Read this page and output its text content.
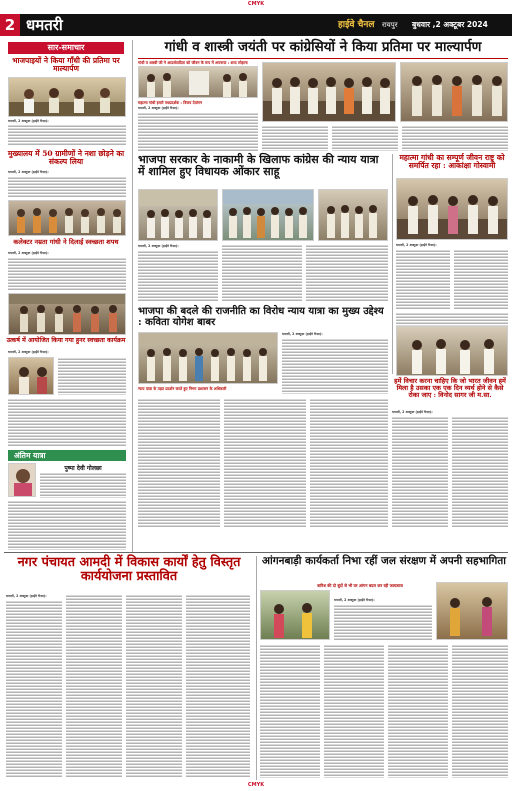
CMYK
2 धमतरी	हाईवे चैनल रायपुर बुधवार ,2 अक्टूबर 2024
सार-समाचार
भाजपाइयों ने किया गाँधी की प्रतिमा पर माल्यार्पण
धमतरी, 2 अक्टूबर (हाईवे चैनल)।
मुख्यालय में 50 ग्रामीणों ने नशा छोड़ने का संकल्प लिया
धमतरी, 2 अक्टूबर (हाईवे चैनल)।
कलेक्टर नम्रता गांधी ने दिलाई स्वच्छता शपथ
धमतरी, 2 अक्टूबर (हाईवे चैनल)।
उत्कर्ष में आयोजित किया गया हुनर स्वच्छता कार्यक्रम
धमतरी, 2 अक्टूबर (हाईवे चैनल)।
अंतिम यात्रा
पुष्पा देवी गोलछा
गांधी व शास्त्री जयंती पर कांग्रेसियों ने किया प्रतिमा पर माल्यार्पण
गांधी व शास्त्री जी ने आदर्शवादिता को जीवन के रूप में अपनाया : शरद लोहाना
महात्मा गांधी हमारे पथप्रदर्शक : विजय देवांगन
धमतरी, 2 अक्टूबर (हाईवे चैनल)।
भाजपा सरकार के नाकामी के खिलाफ कांग्रेस की न्याय यात्रा में शामिल हुए विधायक ओंकार साहू
धमतरी, 2 अक्टूबर (हाईवे चैनल)।
महात्मा गांधी का सम्पूर्ण जीवन राष्ट्र को समर्पित रहा : आकांक्षा गोस्वामी
धमतरी, 2 अक्टूबर (हाईवे चैनल)।
भाजपा की बदले की राजनीति का विरोध न्याय यात्रा का मुख्य उद्देश्य : कविता योगेश बाबर
न्याय यात्रा के तहत प्रदर्शन करते हुए निगम प्रशासन के अधिकारी
धमतरी, 2 अक्टूबर (हाईवे चैनल)।
हमें विचार करना चाहिए कि जो भारत जीवन हमें मिला है उसका एक एक दिन व्यर्थ होने से कैसे रोका जाए : विनोद सागर जी म.सा.
धमतरी, 2 अक्टूबर (हाईवे चैनल)।
नगर पंचायत आमदी में विकास कार्यों हेतु विस्तृत कार्ययोजना प्रस्तावित
धमतरी, 2 अक्टूबर (हाईवे चैनल)।
आंगनबाड़ी कार्यकर्ता निभा रहीं जल संरक्षण में अपनी सहभागिता
बारिश की दो बूंदों से भी घर आंगन बदल कर रही जल्दबाज
धमतरी, 2 अक्टूबर (हाईवे चैनल)।
CMYK
